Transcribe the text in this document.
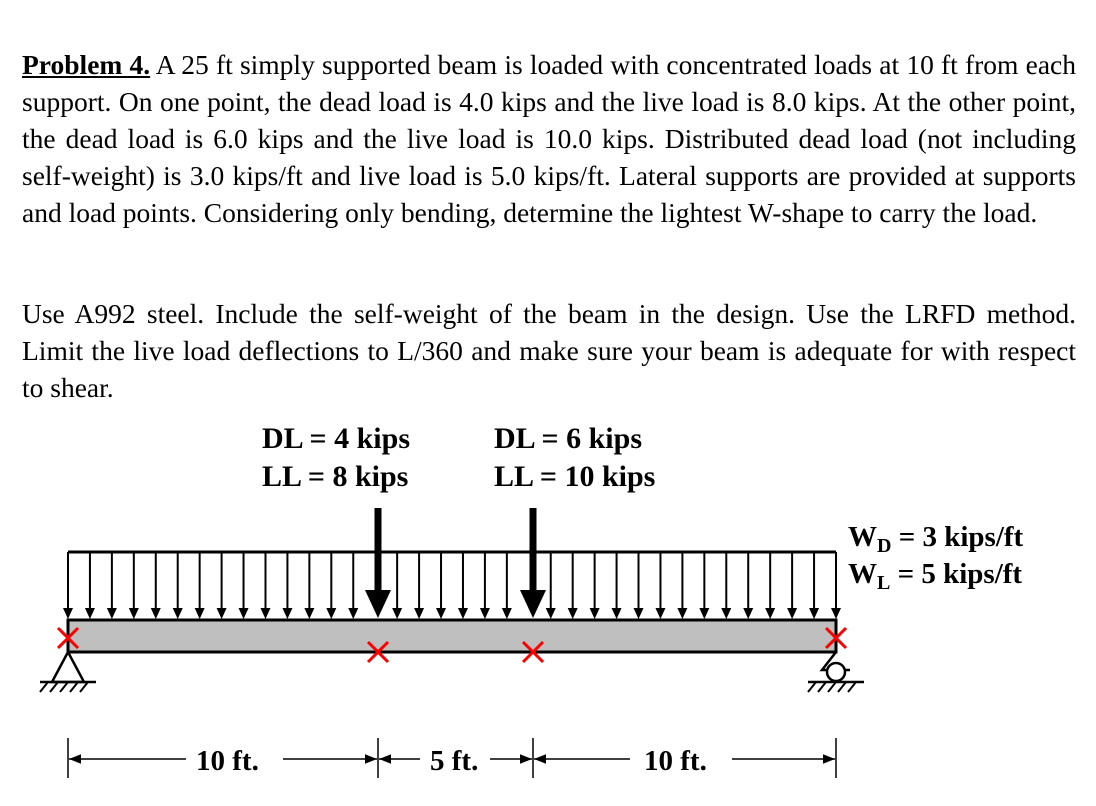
Problem 4. A 25 ft simply supported beam is loaded with concentrated loads at 10 ft from each support. On one point, the dead load is 4.0 kips and the live load is 8.0 kips. At the other point, the dead load is 6.0 kips and the live load is 10.0 kips. Distributed dead load (not including self-weight) is 3.0 kips/ft and live load is 5.0 kips/ft. Lateral supports are provided at supports and load points. Considering only bending, determine the lightest W-shape to carry the load.

Use A992 steel. Include the self-weight of the beam in the design. Use the LRFD method. Limit the live load deflections to L/360 and make sure your beam is adequate for with respect to shear.

DL = 4 kips
LL = 8 kips
DL = 6 kips
LL = 10 kips
$W_D = 3$ kips/ft
$W_L = 5$ kips/ft
10 ft.	5 ft.	10 ft.
